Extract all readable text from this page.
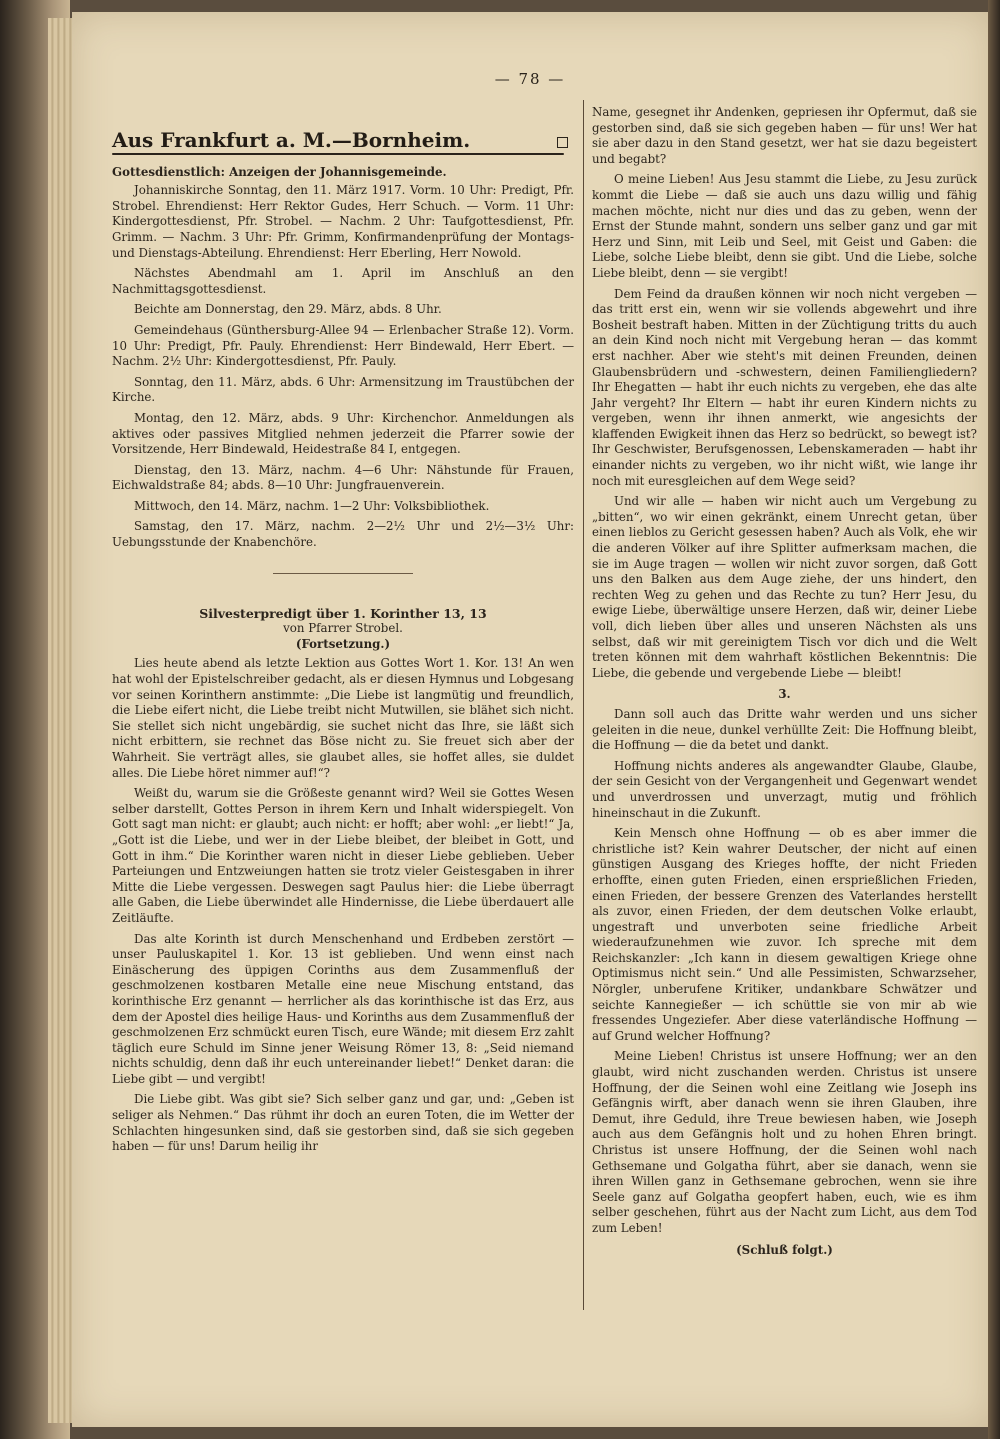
— 78 —
Aus Frankfurt a. M.—Bornheim.
Gottesdienstlich: Anzeigen der Johannisgemeinde.

Johanniskirche Sonntag, den 11. März 1917. Vorm. 10 Uhr: Predigt, Pfr. Strobel. Ehrendienst: Herr Rektor Gudes, Herr Schuch. — Vorm. 11 Uhr: Kindergottesdienst, Pfr. Strobel. — Nachm. 2 Uhr: Taufgottesdienst, Pfr. Grimm. — Nachm. 3 Uhr: Pfr. Grimm, Konfirmandenprüfung der Montags- und Dienstags-Abteilung. Ehrendienst: Herr Eberling, Herr Nowold.

Nächstes Abendmahl am 1. April im Anschluß an den Nachmittagsgottesdienst.

Beichte am Donnerstag, den 29. März, abds. 8 Uhr.

Gemeindehaus (Günthersburg-Allee 94 — Erlenbacher Straße 12). Vorm. 10 Uhr: Predigt, Pfr. Pauly. Ehrendienst: Herr Bindewald, Herr Ebert. — Nachm. 2½ Uhr: Kindergottesdienst, Pfr. Pauly.

Sonntag, den 11. März, abds. 6 Uhr: Armensitzung im Traustübchen der Kirche.

Montag, den 12. März, abds. 9 Uhr: Kirchenchor. Anmeldungen als aktives oder passives Mitglied nehmen jederzeit die Pfarrer sowie der Vorsitzende, Herr Bindewald, Heidestraße 84 I, entgegen.

Dienstag, den 13. März, nachm. 4—6 Uhr: Nähstunde für Frauen, Eichwaldstraße 84; abds. 8—10 Uhr: Jungfrauenverein.

Mittwoch, den 14. März, nachm. 1—2 Uhr: Volksbibliothek.

Samstag, den 17. März, nachm. 2—2½ Uhr und 2½—3½ Uhr: Uebungsstunde der Knabenchöre.

Silvesterpredigt über 1. Korinther 13, 13
von Pfarrer Strobel.
(Fortsetzung.)

Lies heute abend als letzte Lektion aus Gottes Wort 1. Kor. 13! An wen hat wohl der Epistelschreiber gedacht, als er diesen Hymnus und Lobgesang vor seinen Korinthern anstimmte: „Die Liebe ist langmütig und freundlich, die Liebe eifert nicht, die Liebe treibt nicht Mutwillen, sie blähet sich nicht. Sie stellet sich nicht ungebärdig, sie suchet nicht das Ihre, sie läßt sich nicht erbittern, sie rechnet das Böse nicht zu. Sie freuet sich aber der Wahrheit. Sie verträgt alles, sie glaubet alles, sie hoffet alles, sie duldet alles. Die Liebe höret nimmer auf!“?

Weißt du, warum sie die Größeste genannt wird? Weil sie Gottes Wesen selber darstellt, Gottes Person in ihrem Kern und Inhalt widerspiegelt. Von Gott sagt man nicht: er glaubt; auch nicht: er hofft; aber wohl: „er liebt!“ Ja, „Gott ist die Liebe, und wer in der Liebe bleibet, der bleibet in Gott, und Gott in ihm.“ Die Korinther waren nicht in dieser Liebe geblieben. Ueber Parteiungen und Entzweiungen hatten sie trotz vieler Geistesgaben in ihrer Mitte die Liebe vergessen. Deswegen sagt Paulus hier: die Liebe überragt alle Gaben, die Liebe überwindet alle Hindernisse, die Liebe überdauert alle Zeitläufte.

Das alte Korinth ist durch Menschenhand und Erdbeben zerstört — unser Pauluskapitel 1. Kor. 13 ist geblieben. Und wenn einst nach Einäscherung des üppigen Corinths aus dem Zusammenfluß der geschmolzenen kostbaren Metalle eine neue Mischung entstand, das korinthische Erz genannt — herrlicher als das korinthische ist das Erz, aus dem der Apostel dies heilige Haus- und Korinths aus dem Zusammenfluß der geschmolzenen Erz schmückt euren Tisch, eure Wände; mit diesem Erz zahlt täglich eure Schuld im Sinne jener Weisung Römer 13, 8: „Seid niemand nichts schuldig, denn daß ihr euch untereinander liebet!“ Denket daran: die Liebe gibt — und vergibt!

Die Liebe gibt. Was gibt sie? Sich selber ganz und gar, und: „Geben ist seliger als Nehmen.“ Das rühmt ihr doch an euren Toten, die im Wetter der Schlachten hingesunken sind, daß sie gestorben sind, daß sie sich gegeben haben — für uns! Darum heilig ihr

Name, gesegnet ihr Andenken, gepriesen ihr Opfermut, daß sie gestorben sind, daß sie sich gegeben haben — für uns! Wer hat sie aber dazu in den Stand gesetzt, wer hat sie dazu begeistert und begabt?

O meine Lieben! Aus Jesu stammt die Liebe, zu Jesu zurück kommt die Liebe — daß sie auch uns dazu willig und fähig machen möchte, nicht nur dies und das zu geben, wenn der Ernst der Stunde mahnt, sondern uns selber ganz und gar mit Herz und Sinn, mit Leib und Seel, mit Geist und Gaben: die Liebe, solche Liebe bleibt, denn sie gibt. Und die Liebe, solche Liebe bleibt, denn — sie vergibt!

Dem Feind da draußen können wir noch nicht vergeben — das tritt erst ein, wenn wir sie vollends abgewehrt und ihre Bosheit bestraft haben. Mitten in der Züchtigung tritts du auch an dein Kind noch nicht mit Vergebung heran — das kommt erst nachher. Aber wie steht's mit deinen Freunden, deinen Glaubensbrüdern und -schwestern, deinen Familiengliedern? Ihr Ehegatten — habt ihr euch nichts zu vergeben, ehe das alte Jahr vergeht? Ihr Eltern — habt ihr euren Kindern nichts zu vergeben, wenn ihr ihnen anmerkt, wie angesichts der klaffenden Ewigkeit ihnen das Herz so bedrückt, so bewegt ist? Ihr Geschwister, Berufsgenossen, Lebenskameraden — habt ihr einander nichts zu vergeben, wo ihr nicht wißt, wie lange ihr noch mit euresgleichen auf dem Wege seid?

Und wir alle — haben wir nicht auch um Vergebung zu „bitten“, wo wir einen gekränkt, einem Unrecht getan, über einen lieblos zu Gericht gesessen haben? Auch als Volk, ehe wir die anderen Völker auf ihre Splitter aufmerksam machen, die sie im Auge tragen — wollen wir nicht zuvor sorgen, daß Gott uns den Balken aus dem Auge ziehe, der uns hindert, den rechten Weg zu gehen und das Rechte zu tun? Herr Jesu, du ewige Liebe, überwältige unsere Herzen, daß wir, deiner Liebe voll, dich lieben über alles und unseren Nächsten als uns selbst, daß wir mit gereinigtem Tisch vor dich und die Welt treten können mit dem wahrhaft köstlichen Bekenntnis: Die Liebe, die gebende und vergebende Liebe — bleibt!

3.

Dann soll auch das Dritte wahr werden und uns sicher geleiten in die neue, dunkel verhüllte Zeit: Die Hoffnung bleibt, die Hoffnung — die da betet und dankt.

Hoffnung nichts anderes als angewandter Glaube, Glaube, der sein Gesicht von der Vergangenheit und Gegenwart wendet und unverdrossen und unverzagt, mutig und fröhlich hineinschaut in die Zukunft.

Kein Mensch ohne Hoffnung — ob es aber immer die christliche ist? Kein wahrer Deutscher, der nicht auf einen günstigen Ausgang des Krieges hoffte, der nicht Frieden erhoffte, einen guten Frieden, einen ersprießlichen Frieden, einen Frieden, der bessere Grenzen des Vaterlandes herstellt als zuvor, einen Frieden, der dem deutschen Volke erlaubt, ungestraft und unverboten seine friedliche Arbeit wiederaufzunehmen wie zuvor. Ich spreche mit dem Reichskanzler: „Ich kann in diesem gewaltigen Kriege ohne Optimismus nicht sein.“ Und alle Pessimisten, Schwarzseher, Nörgler, unberufene Kritiker, undankbare Schwätzer und seichte Kannegießer — ich schüttle sie von mir ab wie fressendes Ungeziefer. Aber diese vaterländische Hoffnung — auf Grund welcher Hoffnung?

Meine Lieben! Christus ist unsere Hoffnung; wer an den glaubt, wird nicht zuschanden werden. Christus ist unsere Hoffnung, der die Seinen wohl eine Zeitlang wie Joseph ins Gefängnis wirft, aber danach wenn sie ihren Glauben, ihre Demut, ihre Geduld, ihre Treue bewiesen haben, wie Joseph auch aus dem Gefängnis holt und zu hohen Ehren bringt. Christus ist unsere Hoffnung, der die Seinen wohl nach Gethsemane und Golgatha führt, aber sie danach, wenn sie ihren Willen ganz in Gethsemane gebrochen, wenn sie ihre Seele ganz auf Golgatha geopfert haben, euch, wie es ihm selber geschehen, führt aus der Nacht zum Licht, aus dem Tod zum Leben!

(Schluß folgt.)
